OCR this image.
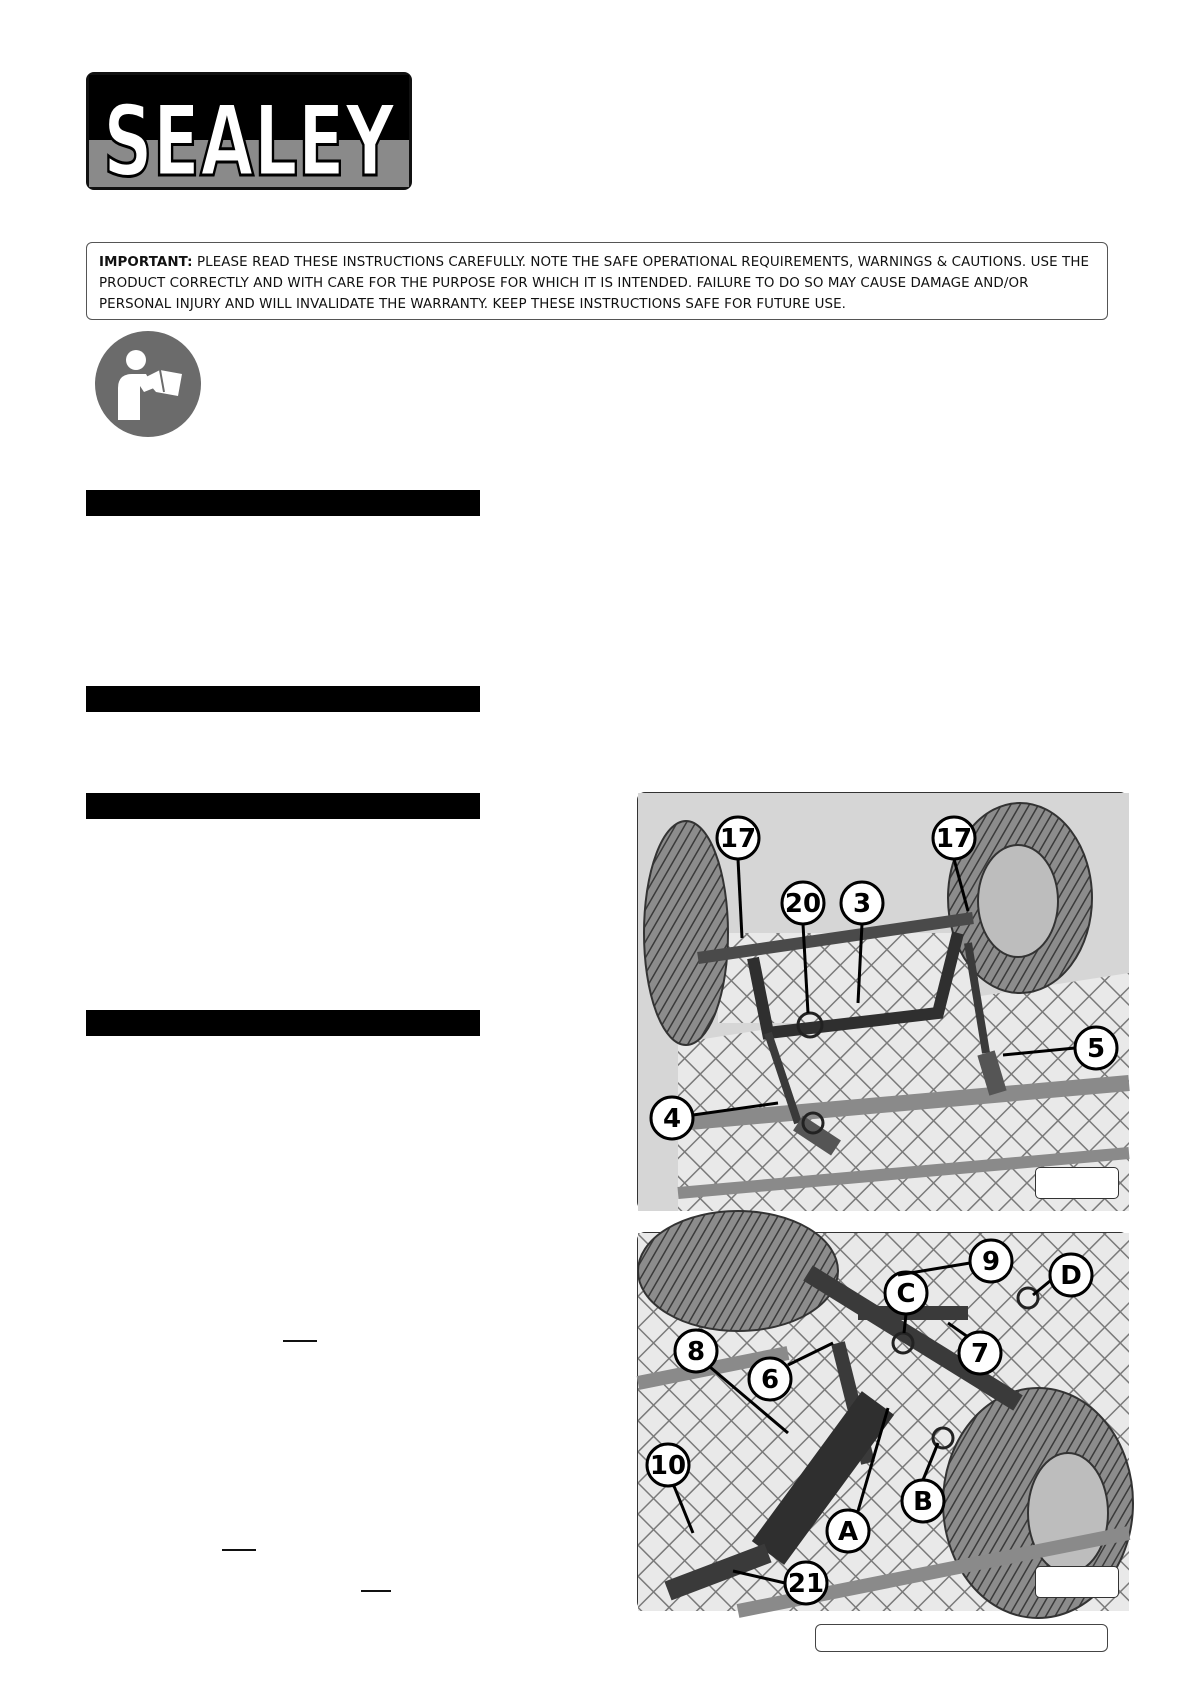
SEALEY
IMPORTANT: PLEASE READ THESE INSTRUCTIONS CAREFULLY. NOTE THE SAFE OPERATIONAL REQUIREMENTS, WARNINGS & CAUTIONS. USE THE PRODUCT CORRECTLY AND WITH CARE FOR THE PURPOSE FOR WHICH IT IS INTENDED. FAILURE TO DO SO MAY CAUSE DAMAGE AND/OR PERSONAL INJURY AND WILL INVALIDATE THE WARRANTY. KEEP THESE INSTRUCTIONS SAFE FOR FUTURE USE.
17	17
20 3
5
4
9 D
C
8	7
6
10
B
A
21
